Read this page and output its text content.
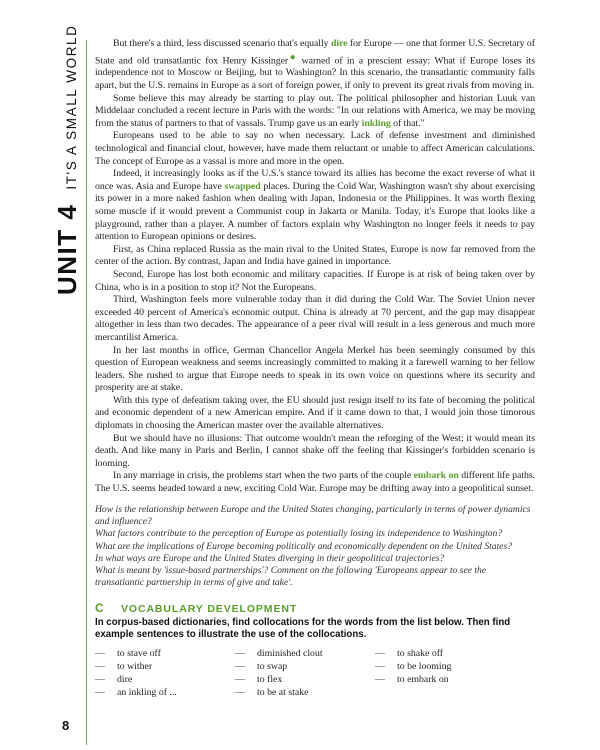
UNIT 4
IT'S A SMALL WORLD
8

But there's a third, less discussed scenario that's equally dire for Europe — one that former U.S. Secretary of State and old transatlantic fox Henry Kissinger◆ warned of in a prescient essay: What if Europe loses its independence not to Moscow or Beijing, but to Washington? In this scenario, the transatlantic community falls apart, but the U.S. remains in Europe as a sort of foreign power, if only to prevent its great rivals from moving in.

Some believe this may already be starting to play out. The political philosopher and historian Luuk van Middelaar concluded a recent lecture in Paris with the words: "In our relations with America, we may be moving from the status of partners to that of vassals. Trump gave us an early inkling of that."

Europeans used to be able to say no when necessary. Lack of defense investment and diminished technological and financial clout, however, have made them reluctant or unable to affect American calculations. The concept of Europe as a vassal is more and more in the open.

Indeed, it increasingly looks as if the U.S.'s stance toward its allies has become the exact reverse of what it once was. Asia and Europe have swapped places. During the Cold War, Washington wasn't shy about exercising its power in a more naked fashion when dealing with Japan, Indonesia or the Philippines. It was worth flexing some muscle if it would prevent a Communist coup in Jakarta or Manila. Today, it's Europe that looks like a playground, rather than a player. A number of factors explain why Washington no longer feels it needs to pay attention to European opinions or desires.

First, as China replaced Russia as the main rival to the United States, Europe is now far removed from the center of the action. By contrast, Japan and India have gained in importance.

Second, Europe has lost both economic and military capacities. If Europe is at risk of being taken over by China, who is in a position to stop it? Not the Europeans.

Third, Washington feels more vulnerable today than it did during the Cold War. The Soviet Union never exceeded 40 percent of America's economic output. China is already at 70 percent, and the gap may disappear altogether in less than two decades. The appearance of a peer rival will result in a less generous and much more mercantilist America.

In her last months in office, German Chancellor Angela Merkel has been seemingly consumed by this question of European weakness and seems increasingly committed to making it a farewell warning to her fellow leaders. She rushed to argue that Europe needs to speak in its own voice on questions where its security and prosperity are at stake.

With this type of defeatism taking over, the EU should just resign itself to its fate of becoming the political and economic dependent of a new American empire. And if it came down to that, I would join those timorous diplomats in choosing the American master over the available alternatives.

But we should have no illusions: That outcome wouldn't mean the reforging of the West; it would mean its death. And like many in Paris and Berlin, I cannot shake off the feeling that Kissinger's forbidden scenario is looming.

In any marriage in crisis, the problems start when the two parts of the couple embark on different life paths. The U.S. seems headed toward a new, exciting Cold War. Europe may be drifting away into a geopolitical sunset.

How is the relationship between Europe and the United States changing, particularly in terms of power dynamics and influence?

What factors contribute to the perception of Europe as potentially losing its independence to Washington?

What are the implications of Europe becoming politically and economically dependent on the United States?

In what ways are Europe and the United States diverging in their geopolitical trajectories?

What is meant by 'issue-based partnerships'? Comment on the following 'Europeans appear to see the transatlantic partnership in terms of give and take'.

C	VOCABULARY DEVELOPMENT
In corpus-based dictionaries, find collocations for the words from the list below. Then find example sentences to illustrate the use of the collocations.
—	to stave off
—	to wither
—	dire
—	an inkling of ...
—	diminished clout
—	to swap
—	to flex
—	to be at stake
—	to shake off
—	to be looming
—	to embark on
